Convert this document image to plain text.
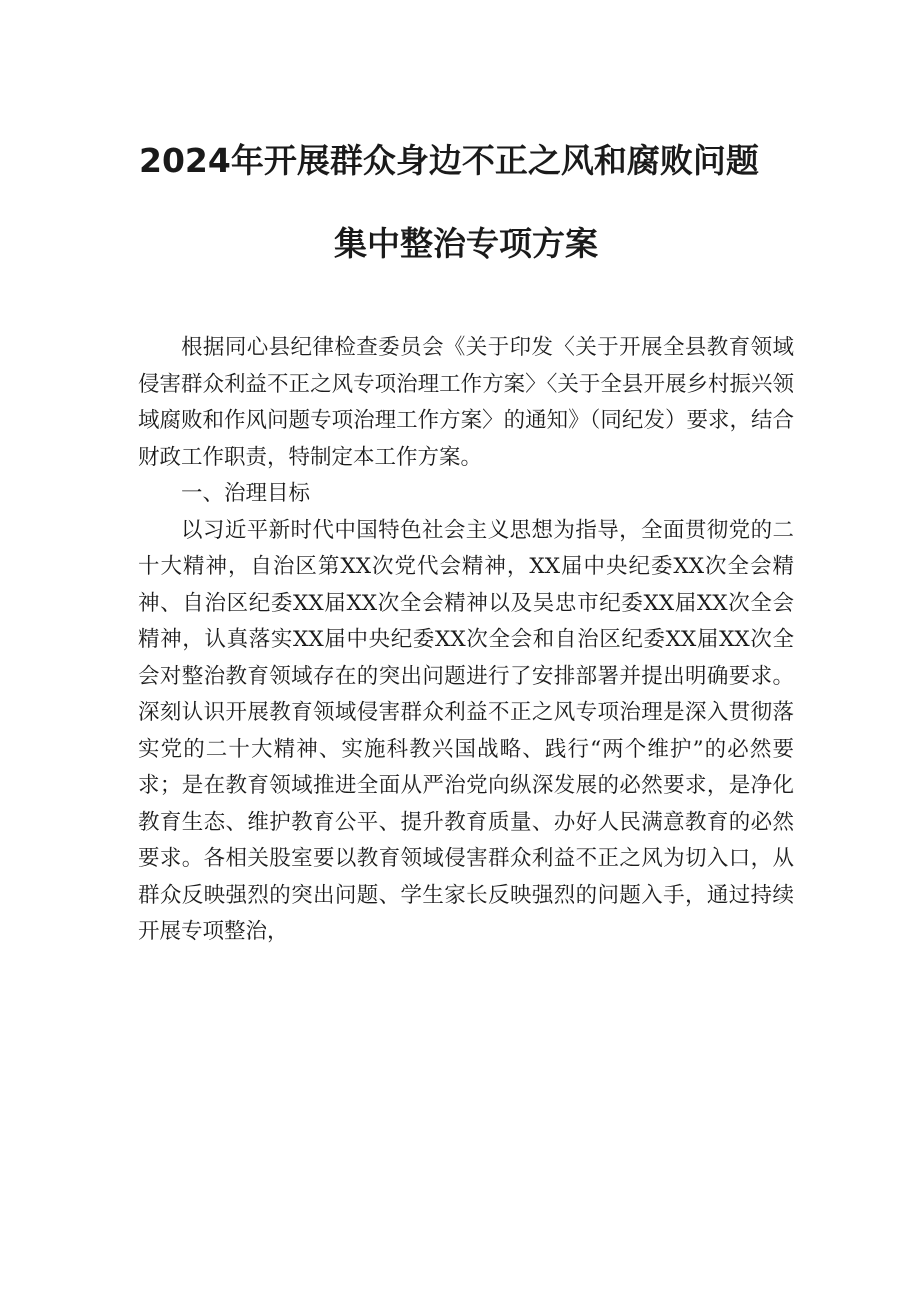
2024年开展群众身边不正之风和腐败问题
集中整治专项方案

根据同心县纪律检查委员会《关于印发〈关于开展全县教育领域侵害群众利益不正之风专项治理工作方案〉〈关于全县开展乡村振兴领域腐败和作风问题专项治理工作方案〉的通知》（同纪发）要求，结合财政工作职责，特制定本工作方案。

一、治理目标

以习近平新时代中国特色社会主义思想为指导，全面贯彻党的二十大精神，自治区第XX次党代会精神，XX届中央纪委XX次全会精神、自治区纪委XX届XX次全会精神以及吴忠市纪委XX届XX次全会精神，认真落实XX届中央纪委XX次全会和自治区纪委XX届XX次全会对整治教育领域存在的突出问题进行了安排部署并提出明确要求。深刻认识开展教育领域侵害群众利益不正之风专项治理是深入贯彻落实党的二十大精神、实施科教兴国战略、践行“两个维护”的必然要求；是在教育领域推进全面从严治党向纵深发展的必然要求，是净化教育生态、维护教育公平、提升教育质量、办好人民满意教育的必然要求。各相关股室要以教育领域侵害群众利益不正之风为切入口，从群众反映强烈的突出问题、学生家长反映强烈的问题入手，通过持续开展专项整治，
